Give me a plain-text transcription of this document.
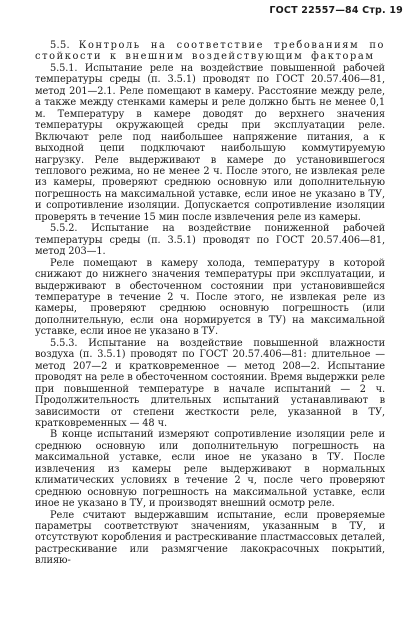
ГОСТ 22557—84 Стр. 19

5.5. Контроль на соответствие требованиям по стойкости к внешним воздействующим факторам

5.5.1. Испытание реле на воздействие повышенной рабочей температуры среды (п. 3.5.1) проводят по ГОСТ 20.57.406—81, метод 201—2.1. Реле помещают в камеру. Расстояние между реле, а также между стенками камеры и реле должно быть не менее 0,1 м. Температуру в камере доводят до верхнего значения температуры окружающей среды при эксплуатации реле. Включают реле под наибольшее напряжение питания, а к выходной цепи подключают наибольшую коммутируемую нагрузку. Реле выдерживают в камере до установившегося теплового режима, но не менее 2 ч. После этого, не извлекая реле из камеры, проверяют среднюю основную или дополнительную погрешность на максимальной уставке, если иное не указано в ТУ, и сопротивление изоляции. Допускается сопротивление изоляции проверять в течение 15 мин после извлечения реле из камеры.

5.5.2. Испытание на воздействие пониженной рабочей температуры среды (п. 3.5.1) проводят по ГОСТ 20.57.406—81, метод 203—1.

Реле помещают в камеру холода, температуру в которой снижают до нижнего значения температуры при эксплуатации, и выдерживают в обесточенном состоянии при установившейся температуре в течение 2 ч. После этого, не извлекая реле из камеры, проверяют среднюю основную погрешность (или дополнительную, если она нормируется в ТУ) на максимальной уставке, если иное не указано в ТУ.

5.5.3. Испытание на воздействие повышенной влажности воздуха (п. 3.5.1) проводят по ГОСТ 20.57.406—81: длительное — метод 207—2 и кратковременное — метод 208—2. Испытание проводят на реле в обесточенном состоянии. Время выдержки реле при повышенной температуре в начале испытаний — 2 ч. Продолжительность длительных испытаний устанавливают в зависимости от степени жесткости реле, указанной в ТУ, кратковременных — 48 ч.

В конце испытаний измеряют сопротивление изоляции реле и среднюю основную или дополнительную погрешность на максимальной уставке, если иное не указано в ТУ. После извлечения из камеры реле выдерживают в нормальных климатических условиях в течение 2 ч, после чего проверяют среднюю основную погрешность на максимальной уставке, если иное не указано в ТУ, и производят внешний осмотр реле.

Реле считают выдержавшим испытание, если проверяемые параметры соответствуют значениям, указанным в ТУ, и отсутствуют коробления и растрескивание пластмассовых деталей, растрескивание или размягчение лакокрасочных покрытий, влияю-
